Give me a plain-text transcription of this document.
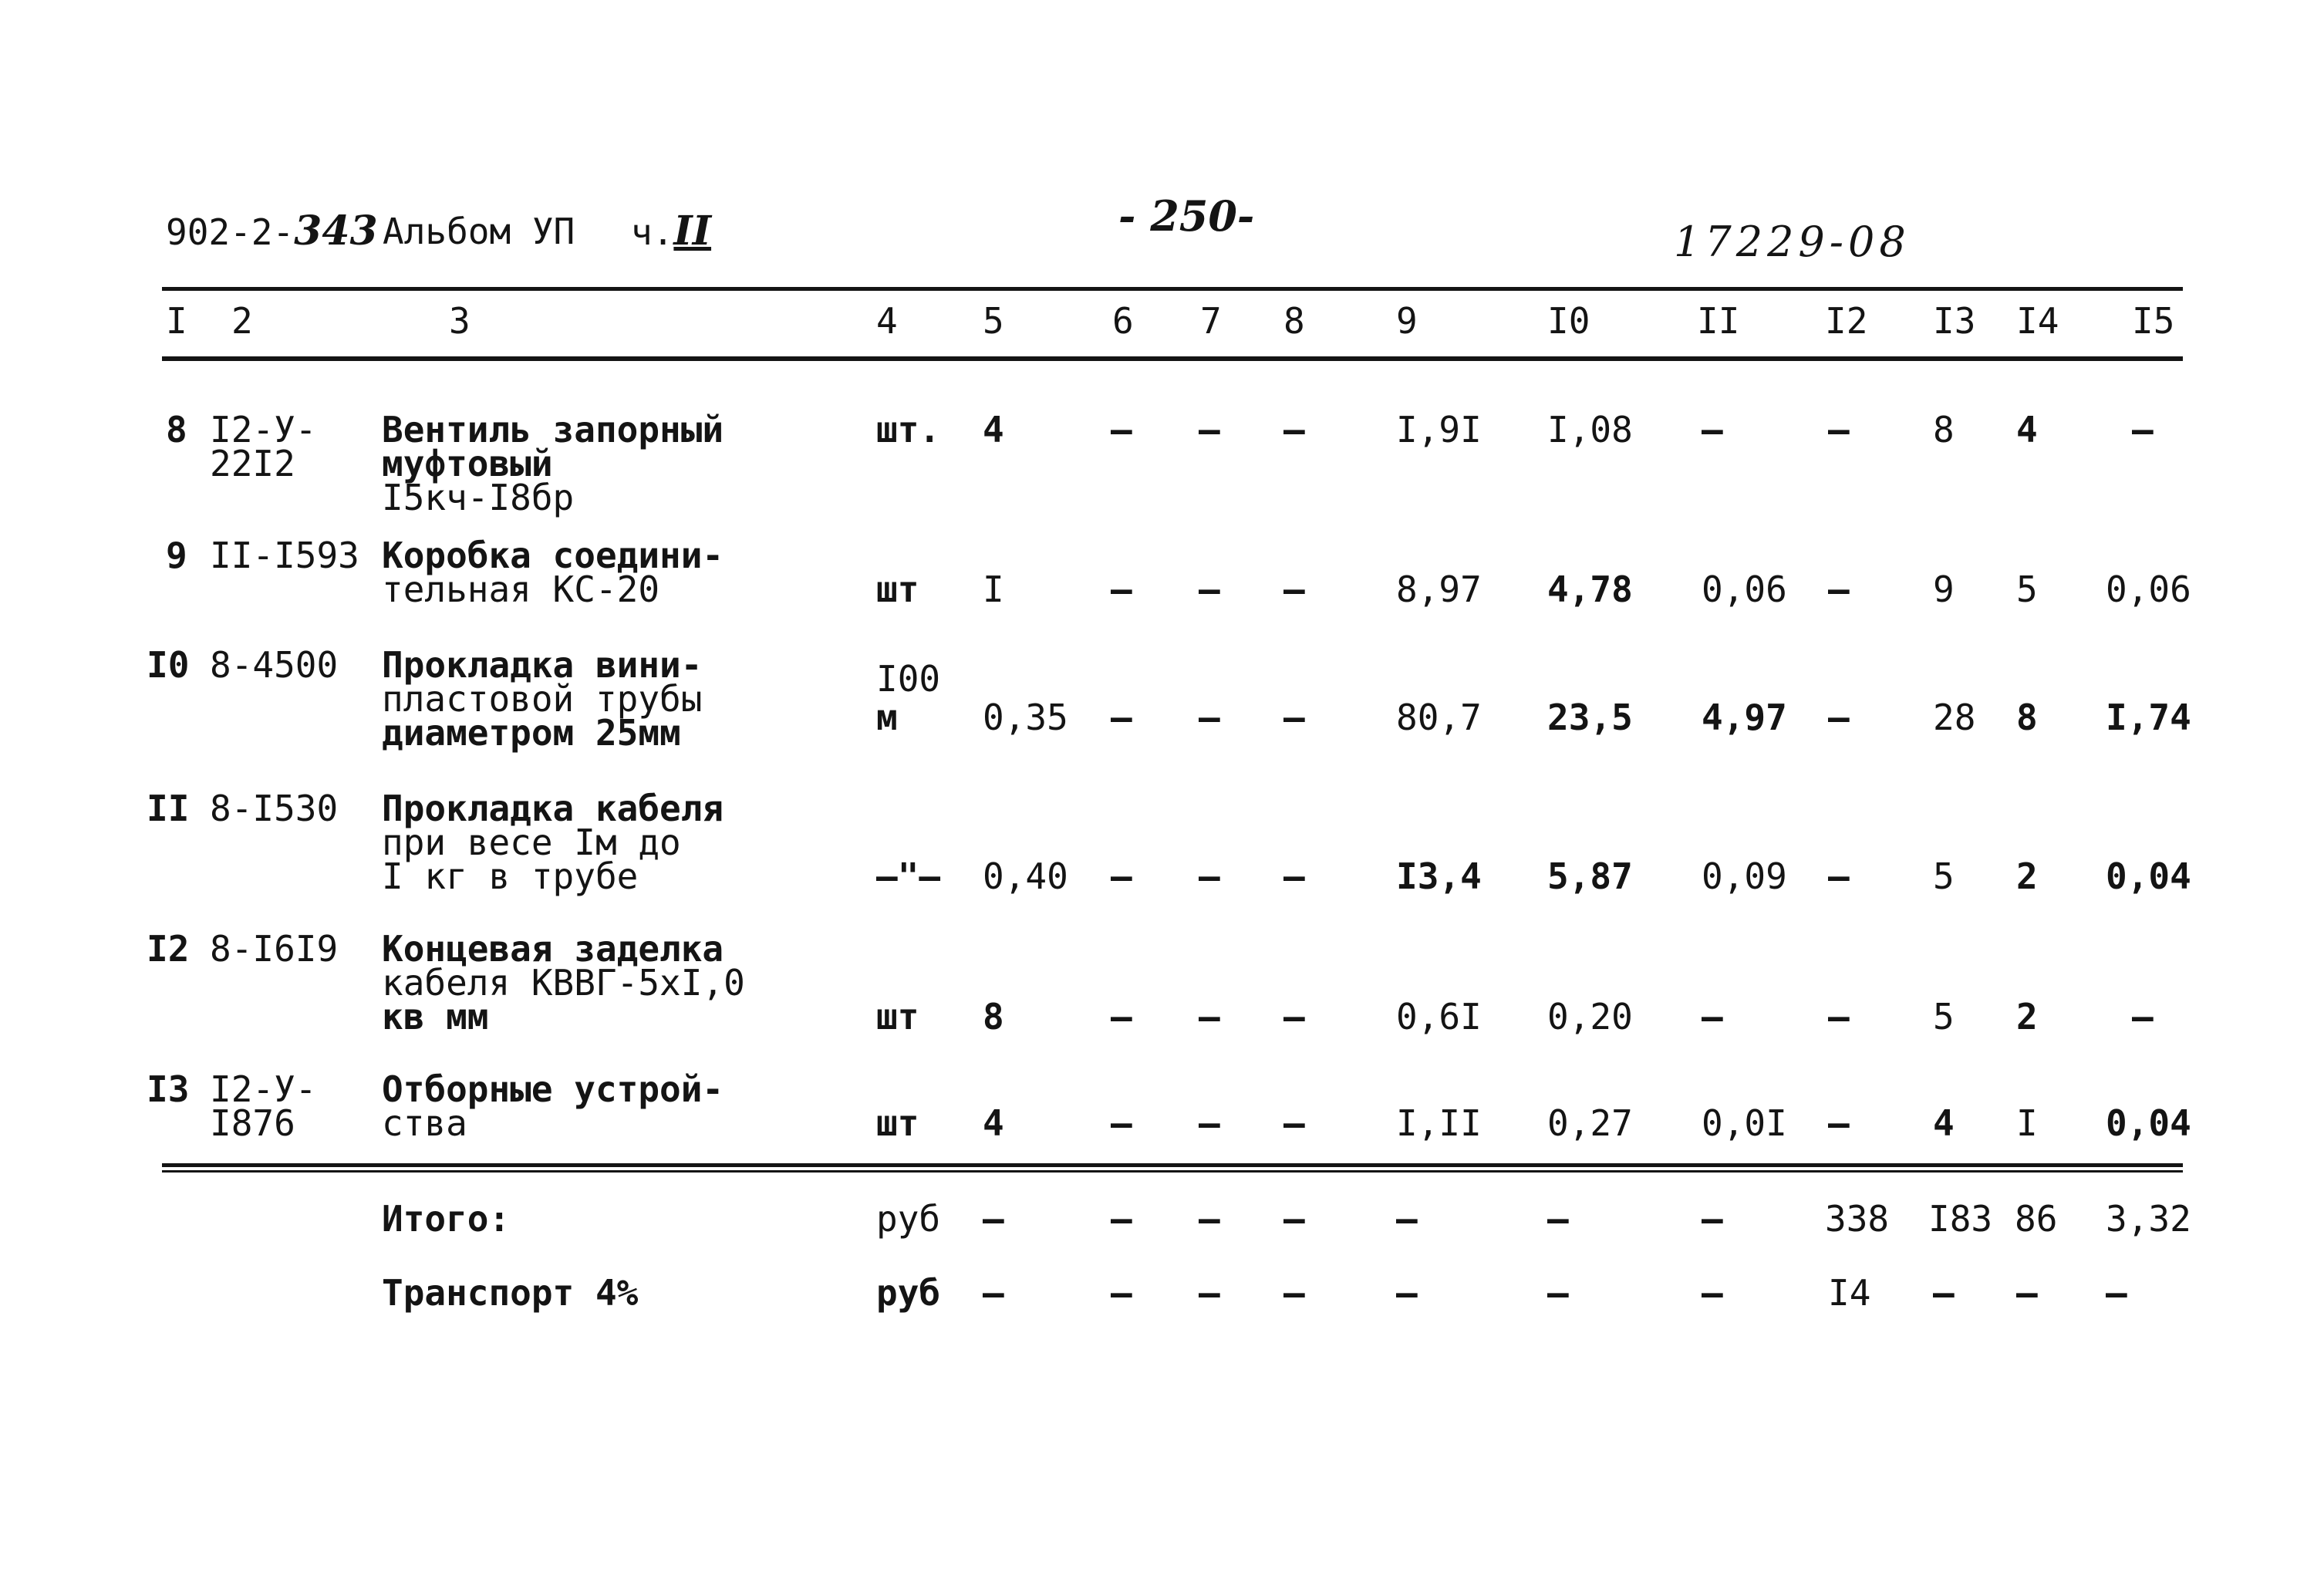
902-2-343 Альбом УП ч.II	- 250-
17229-08
I 2	3	4 5	6 7 8	9	I0	II I2 I3 I4 I5
8 I2-У-
22I2
Вентиль запорный
муфтовый
I5кч-I8бр
шт. 4	– – –	I,9I I,08 –	– 8 4	–
9 II-I593 Коробка соедини-
тельная КС-20	шт I	– – –	8,97 4,78 0,06 – 9 5 0,06
I0 8-4500 Прокладка вини-
пластовой трубы
диаметром 25мм
I00
м 0,35 – – –	80,7 23,5 4,97 – 28 8 I,74
II 8-I530 Прокладка кабеля
при весе Iм до
I кг в трубе	–"– 0,40 – – –	I3,4 5,87 0,09 – 5 2 0,04
I2 8-I6I9 Концевая заделка
кабеля КВВГ-5хI,0
кв мм	шт 8	– – –	0,6I 0,20 –	– 5 2	–
I3 I2-У-
I876
Отборные устрой-
ства	шт 4	– – –	I,II 0,27 0,0I – 4 I 0,04
Итого:	руб –	– – –	–	–	–	338 I83 86 3,32
Транспорт 4%	руб –	– – –	–	–	–	I4 – – –
